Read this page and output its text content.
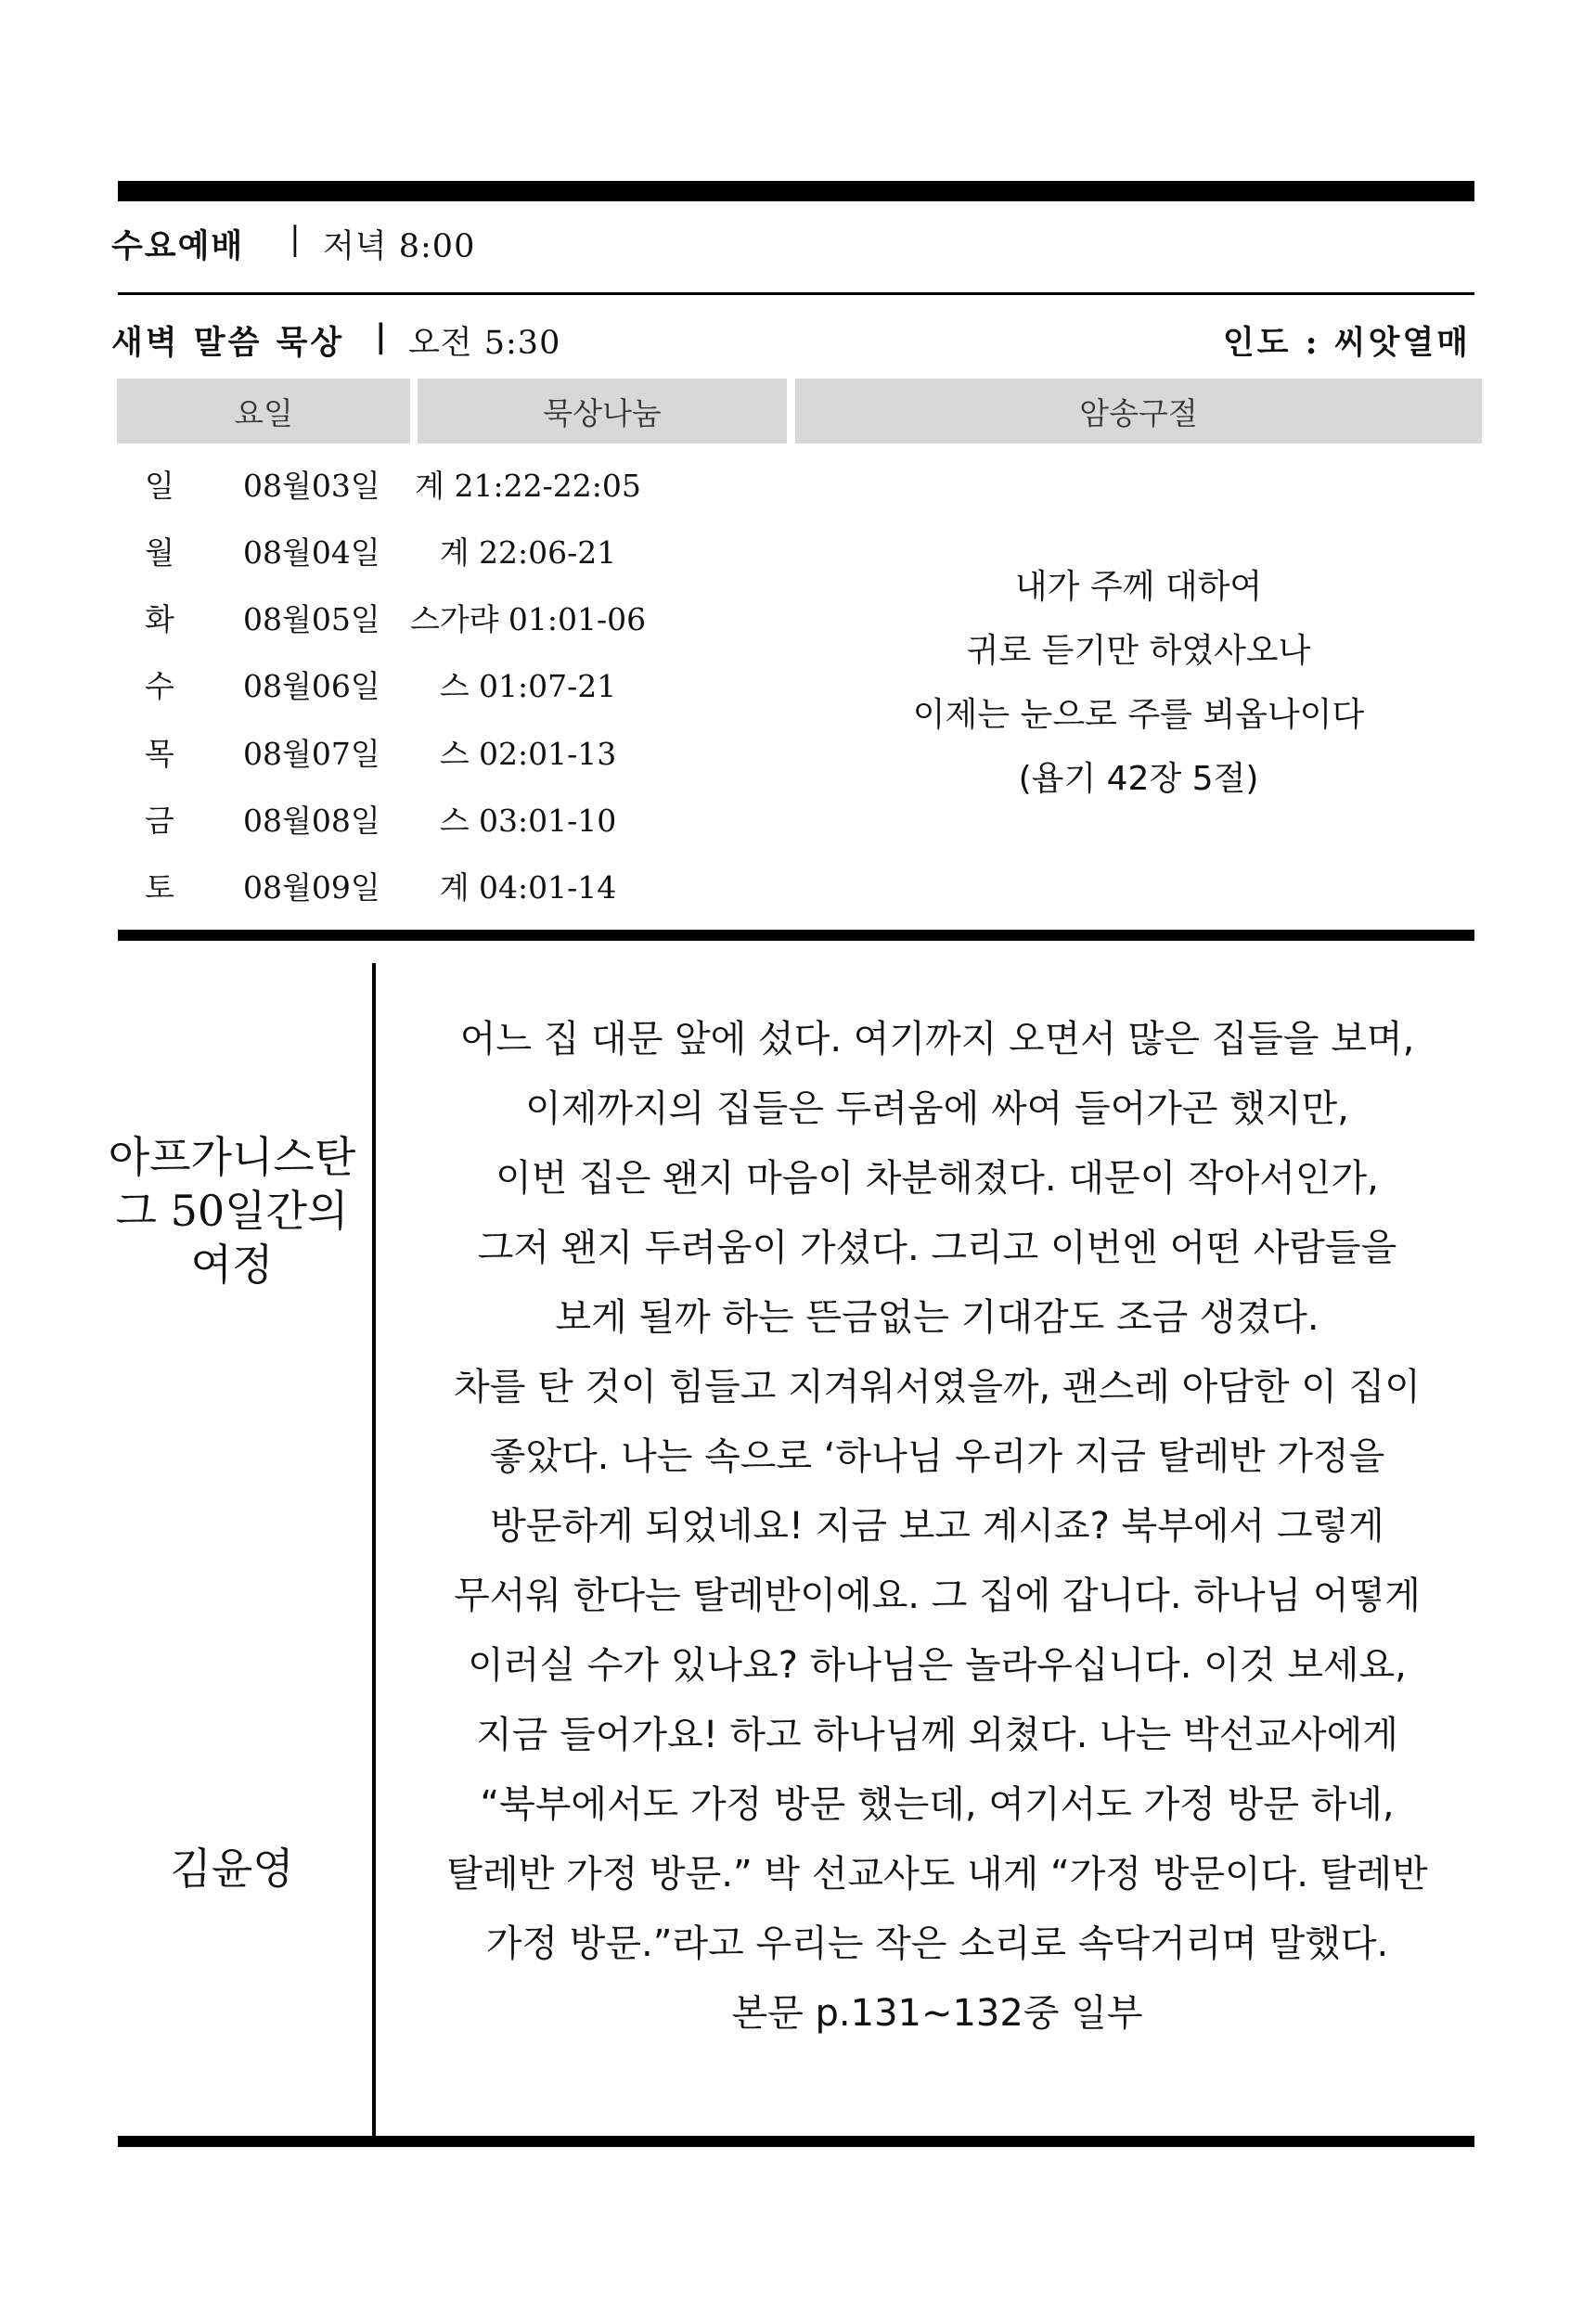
수요예배 | 저녁 8:00
새벽 말씀 묵상 | 오전 5:30	인도 : 씨앗열매
요일	묵상나눔	암송구절
일 08월03일	계 21:22-22:05
월 08월04일	계 22:06-21
화 08월05일 스가랴 01:01-06
수 08월06일	스 01:07-21
목 08월07일	스 02:01-13
금 08월08일	스 03:01-10
토 08월09일	계 04:01-14
내가 주께 대하여
귀로 듣기만 하였사오나
이제는 눈으로 주를 뵈옵나이다
(욥기 42장 5절)
아프가니스탄
그 50일간의
여정
김윤영
어느 집 대문 앞에 섰다. 여기까지 오면서 많은 집들을 보며,
이제까지의 집들은 두려움에 싸여 들어가곤 했지만,
이번 집은 왠지 마음이 차분해졌다. 대문이 작아서인가,
그저 왠지 두려움이 가셨다. 그리고 이번엔 어떤 사람들을
보게 될까 하는 뜬금없는 기대감도 조금 생겼다.
차를 탄 것이 힘들고 지겨워서였을까, 괜스레 아담한 이 집이
좋았다. 나는 속으로 ‘하나님 우리가 지금 탈레반 가정을
방문하게 되었네요! 지금 보고 계시죠? 북부에서 그렇게
무서워 한다는 탈레반이에요. 그 집에 갑니다. 하나님 어떻게
이러실 수가 있나요? 하나님은 놀라우십니다. 이것 보세요,
지금 들어가요! 하고 하나님께 외쳤다. 나는 박선교사에게
“북부에서도 가정 방문 했는데, 여기서도 가정 방문 하네,
탈레반 가정 방문.” 박 선교사도 내게 “가정 방문이다. 탈레반
가정 방문.”라고 우리는 작은 소리로 속닥거리며 말했다.
본문 p.131~132중 일부
